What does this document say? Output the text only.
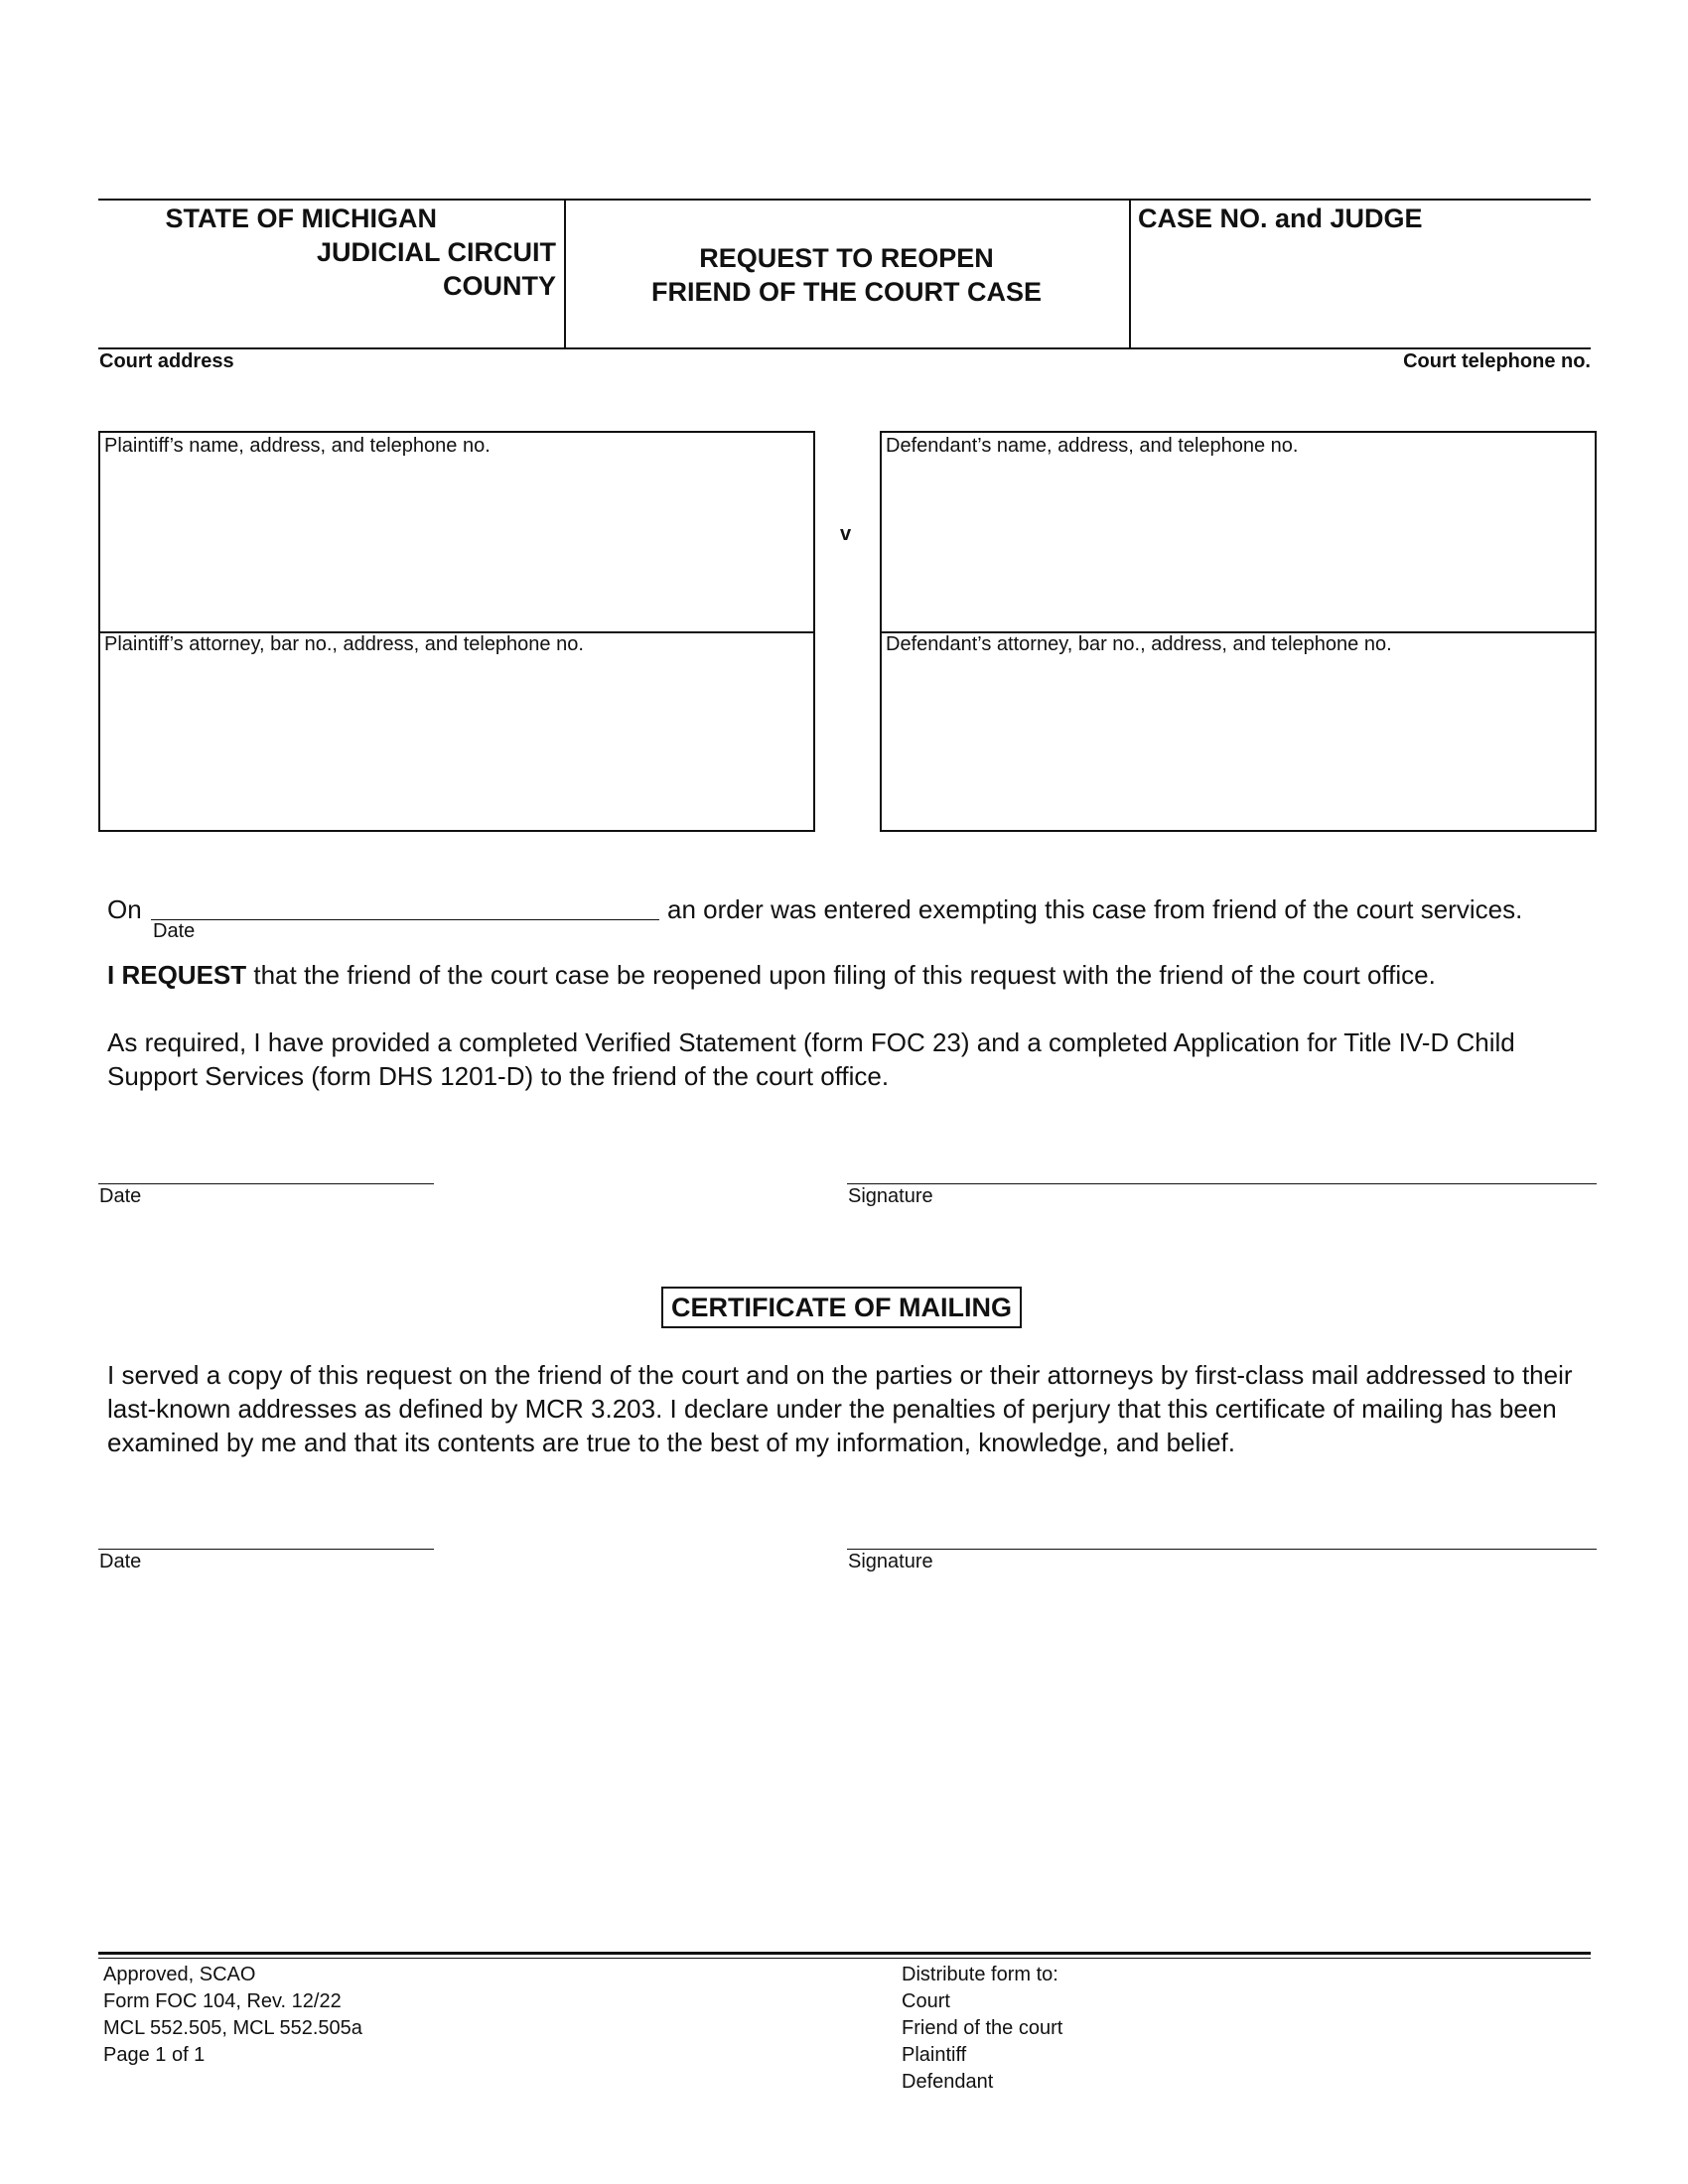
STATE OF MICHIGAN
JUDICIAL CIRCUIT
COUNTY
REQUEST TO REOPEN
FRIEND OF THE COURT CASE
CASE NO. and JUDGE
Court address	Court telephone no.
Plaintiff’s name, address, and telephone no.
Plaintiff’s attorney, bar no., address, and telephone no.
v
Defendant’s name, address, and telephone no.
Defendant’s attorney, bar no., address, and telephone no.
On
Date
an order was entered exempting this case from friend of the court services.
I REQUEST that the friend of the court case be reopened upon filing of this request with the friend of the court office.
As required, I have provided a completed Verified Statement (form FOC 23) and a completed Application for Title IV-D Child Support Services (form DHS 1201-D) to the friend of the court office.
Date	Signature
CERTIFICATE OF MAILING
I served a copy of this request on the friend of the court and on the parties or their attorneys by first-class mail addressed to their last-known addresses as defined by MCR 3.203. I declare under the penalties of perjury that this certificate of mailing has been examined by me and that its contents are true to the best of my information, knowledge, and belief.
Date	Signature
Approved, SCAO
Form FOC 104, Rev. 12/22
MCL 552.505, MCL 552.505a
Page 1 of 1
Distribute form to:
Court
Friend of the court
Plaintiff
Defendant
